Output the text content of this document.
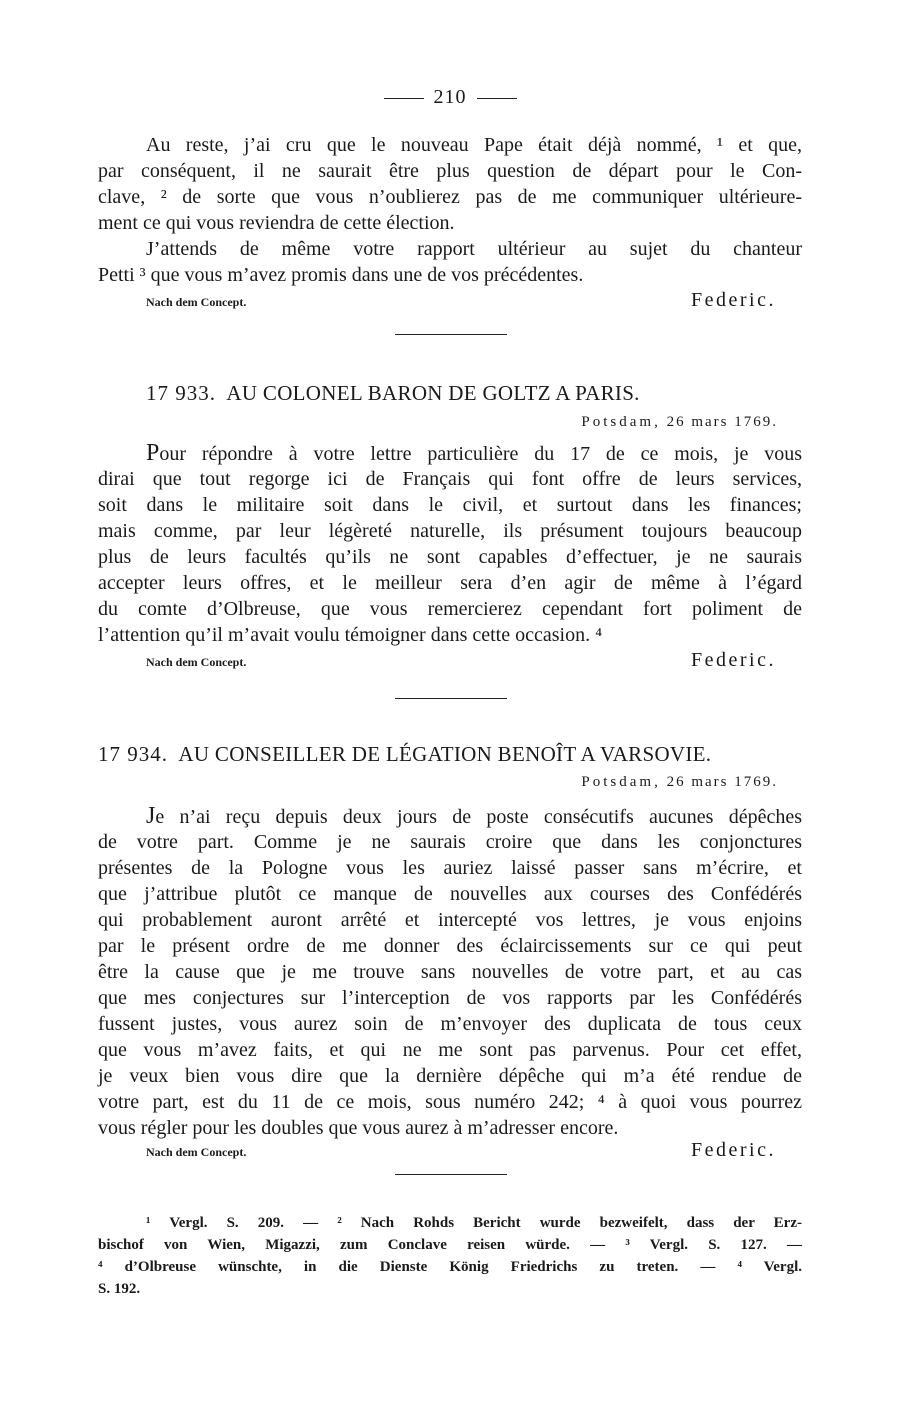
210
Au reste, j’ai cru que le nouveau Pape était déjà nommé, ¹ et que,
par conséquent, il ne saurait être plus question de départ pour le Con-
clave, ² de sorte que vous n’oublierez pas de me communiquer ultérieure-
ment ce qui vous reviendra de cette élection.
J’attends de même votre rapport ultérieur au sujet du chanteur
Petti ³ que vous m’avez promis dans une de vos précédentes.
Nach dem Concept.	Federic.
17 933. AU COLONEL BARON DE GOLTZ A PARIS.
Potsdam, 26 mars 1769.
Pour répondre à votre lettre particulière du 17 de ce mois, je vous
dirai que tout regorge ici de Français qui font offre de leurs services,
soit dans le militaire soit dans le civil, et surtout dans les finances;
mais comme, par leur légèreté naturelle, ils présument toujours beaucoup
plus de leurs facultés qu’ils ne sont capables d’effectuer, je ne saurais
accepter leurs offres, et le meilleur sera d’en agir de même à l’égard
du comte d’Olbreuse, que vous remercierez cependant fort poliment de
l’attention qu’il m’avait voulu témoigner dans cette occasion. ⁴
Nach dem Concept.	Federic.
17 934. AU CONSEILLER DE LÉGATION BENOÎT A VARSOVIE.
Potsdam, 26 mars 1769.
Je n’ai reçu depuis deux jours de poste consécutifs aucunes dépêches
de votre part. Comme je ne saurais croire que dans les conjonctures
présentes de la Pologne vous les auriez laissé passer sans m’écrire, et
que j’attribue plutôt ce manque de nouvelles aux courses des Confédérés
qui probablement auront arrêté et intercepté vos lettres, je vous enjoins
par le présent ordre de me donner des éclaircissements sur ce qui peut
être la cause que je me trouve sans nouvelles de votre part, et au cas
que mes conjectures sur l’interception de vos rapports par les Confédérés
fussent justes, vous aurez soin de m’envoyer des duplicata de tous ceux
que vous m’avez faits, et qui ne me sont pas parvenus. Pour cet effet,
je veux bien vous dire que la dernière dépêche qui m’a été rendue de
votre part, est du 11 de ce mois, sous numéro 242; ⁴ à quoi vous pourrez
vous régler pour les doubles que vous aurez à m’adresser encore.
Nach dem Concept.	Federic.
¹ Vergl. S. 209. — ² Nach Rohds Bericht wurde bezweifelt, dass der Erz-
bischof von Wien, Migazzi, zum Conclave reisen würde. — ³ Vergl. S. 127. —
⁴ d’Olbreuse wünschte, in die Dienste König Friedrichs zu treten. — ⁴ Vergl.
S. 192.
